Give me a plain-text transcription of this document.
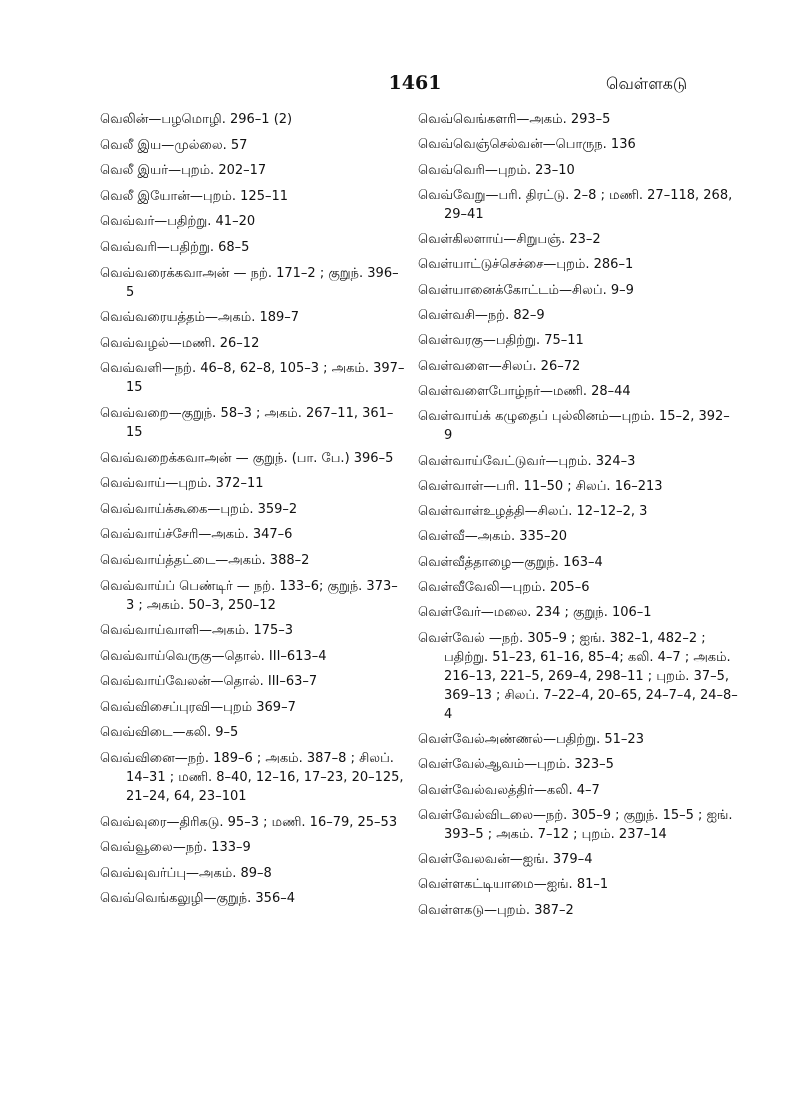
1461	வெள்ளகடு
வெலின்—பழமொழி. 296–1 (2)
வெலீ இய—முல்லை. 57
வெலீ இயர்—புறம். 202–17
வெலீ இயோன்—புறம். 125–11
வெவ்வர்—பதிற்று. 41–20
வெவ்வரி—பதிற்று. 68–5
வெவ்வரைக்கவாஅன் — நற். 171–2 ; குறுந். 396–5
வெவ்வரையத்தம்—அகம். 189–7
வெவ்வழல்—மணி. 26–12
வெவ்வளி—நற். 46–8, 62–8, 105–3 ; அகம். 397–15
வெவ்வறை—குறுந். 58–3 ; அகம். 267–11, 361–15
வெவ்வறைக்கவாஅன் — குறுந். (பா. பே.) 396–5
வெவ்வாய்—புறம். 372–11
வெவ்வாய்க்கூகை—புறம். 359–2
வெவ்வாய்ச்சேரி—அகம். 347–6
வெவ்வாய்த்தட்டை—அகம். 388–2
வெவ்வாய்ப் பெண்டிர் — நற். 133–6; குறுந். 373–3 ; அகம். 50–3, 250–12
வெவ்வாய்வாளி—அகம். 175–3
வெவ்வாய்வெருகு—தொல். III–613–4
வெவ்வாய்வேலன்—தொல். III–63–7
வெவ்விசைப்புரவி—புறம் 369–7
வெவ்விடை—கலி. 9–5
வெவ்வினை—நற். 189–6 ; அகம். 387–8 ; சிலப். 14–31 ; மணி. 8–40, 12–16, 17–23, 20–125, 21–24, 64, 23–101
வெவ்வுரை—திரிகடு. 95–3 ; மணி. 16–79, 25–53
வெவ்வூலை—நற். 133–9
வெவ்வுவர்ப்பு—அகம். 89–8
வெவ்வெங்கலுழி—குறுந். 356–4
வெவ்வெங்களரி—அகம். 293–5
வெவ்வெஞ்செல்வன்—பொருந. 136
வெவ்வெரி—புறம். 23–10
வெவ்வேறு—பரி. திரட்டு. 2–8 ; மணி. 27–118, 268, 29–41
வெள்கிலளாய்—சிறுபஞ். 23–2
வெள்யாட்டுச்செச்சை—புறம். 286–1
வெள்யானைக்கோட்டம்—சிலப். 9–9
வெள்வசி—நற். 82–9
வெள்வரகு—பதிற்று. 75–11
வெள்வளை—சிலப். 26–72
வெள்வளைபோழ்நர்—மணி. 28–44
வெள்வாய்க் கழுதைப் புல்லினம்—புறம். 15–2, 392–9
வெள்வாய்வேட்டுவர்—புறம். 324–3
வெள்வாள்—பரி. 11–50 ; சிலப். 16–213
வெள்வாள்உழத்தி—சிலப். 12–12–2, 3
வெள்வீ—அகம். 335–20
வெள்வீத்தாழை—குறுந். 163–4
வெள்வீவேலி—புறம். 205–6
வெள்வேர்—மலை. 234 ; குறுந். 106–1
வெள்வேல் —நற். 305–9 ; ஐங். 382–1, 482–2 ; பதிற்று. 51–23, 61–16, 85–4; கலி. 4–7 ; அகம். 216–13, 221–5, 269–4, 298–11 ; புறம். 37–5, 369–13 ; சிலப். 7–22–4, 20–65, 24–7–4, 24–8–4
வெள்வேல்அண்ணல்—பதிற்று. 51–23
வெள்வேல்ஆவம்—புறம். 323–5
வெள்வேல்வலத்திர்—கலி. 4–7
வெள்வேல்விடலை—நற். 305–9 ; குறுந். 15–5 ; ஐங். 393–5 ; அகம். 7–12 ; புறம். 237–14
வெள்வேலவன்—ஐங். 379–4
வெள்ளகட்டியாமை—ஐங். 81–1
வெள்ளகடு—புறம். 387–2
